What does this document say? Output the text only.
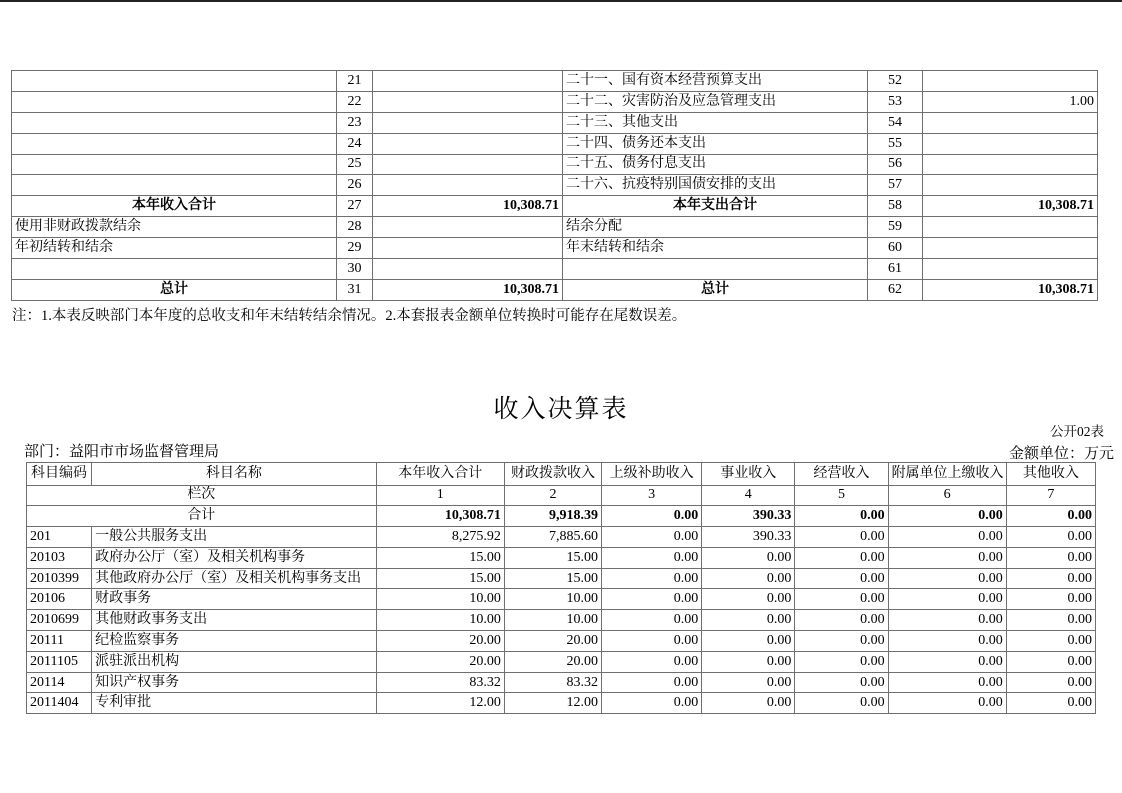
	21		二十一、国有资本经营预算支出	52	
	22		二十二、灾害防治及应急管理支出	53	1.00
	23		二十三、其他支出	54	
	24		二十四、债务还本支出	55	
	25		二十五、债务付息支出	56	
	26		二十六、抗疫特别国债安排的支出	57	
本年收入合计	27	10,308.71	本年支出合计	58	10,308.71
使用非财政拨款结余	28		结余分配	59	
年初结转和结余	29		年末结转和结余	60	
	30			61	
总计	31	10,308.71	总计	62	10,308.71
注：1.本表反映部门本年度的总收支和年末结转结余情况。2.本套报表金额单位转换时可能存在尾数误差。
收入决算表
公开02表
部门：益阳市市场监督管理局	金额单位：万元
科目编码	科目名称	本年收入合计	财政拨款收入	上级补助收入	事业收入	经营收入	附属单位上缴收入	其他收入
栏次		1	2	3	4	5	6	7
合计		10,308.71	9,918.39	0.00	390.33	0.00	0.00	0.00
201	一般公共服务支出	8,275.92	7,885.60	0.00	390.33	0.00	0.00	0.00
20103	政府办公厅（室）及相关机构事务	15.00	15.00	0.00	0.00	0.00	0.00	0.00
2010399	其他政府办公厅（室）及相关机构事务支出	15.00	15.00	0.00	0.00	0.00	0.00	0.00
20106	财政事务	10.00	10.00	0.00	0.00	0.00	0.00	0.00
2010699	其他财政事务支出	10.00	10.00	0.00	0.00	0.00	0.00	0.00
20111	纪检监察事务	20.00	20.00	0.00	0.00	0.00	0.00	0.00
2011105	派驻派出机构	20.00	20.00	0.00	0.00	0.00	0.00	0.00
20114	知识产权事务	83.32	83.32	0.00	0.00	0.00	0.00	0.00
2011404	专利审批	12.00	12.00	0.00	0.00	0.00	0.00	0.00
